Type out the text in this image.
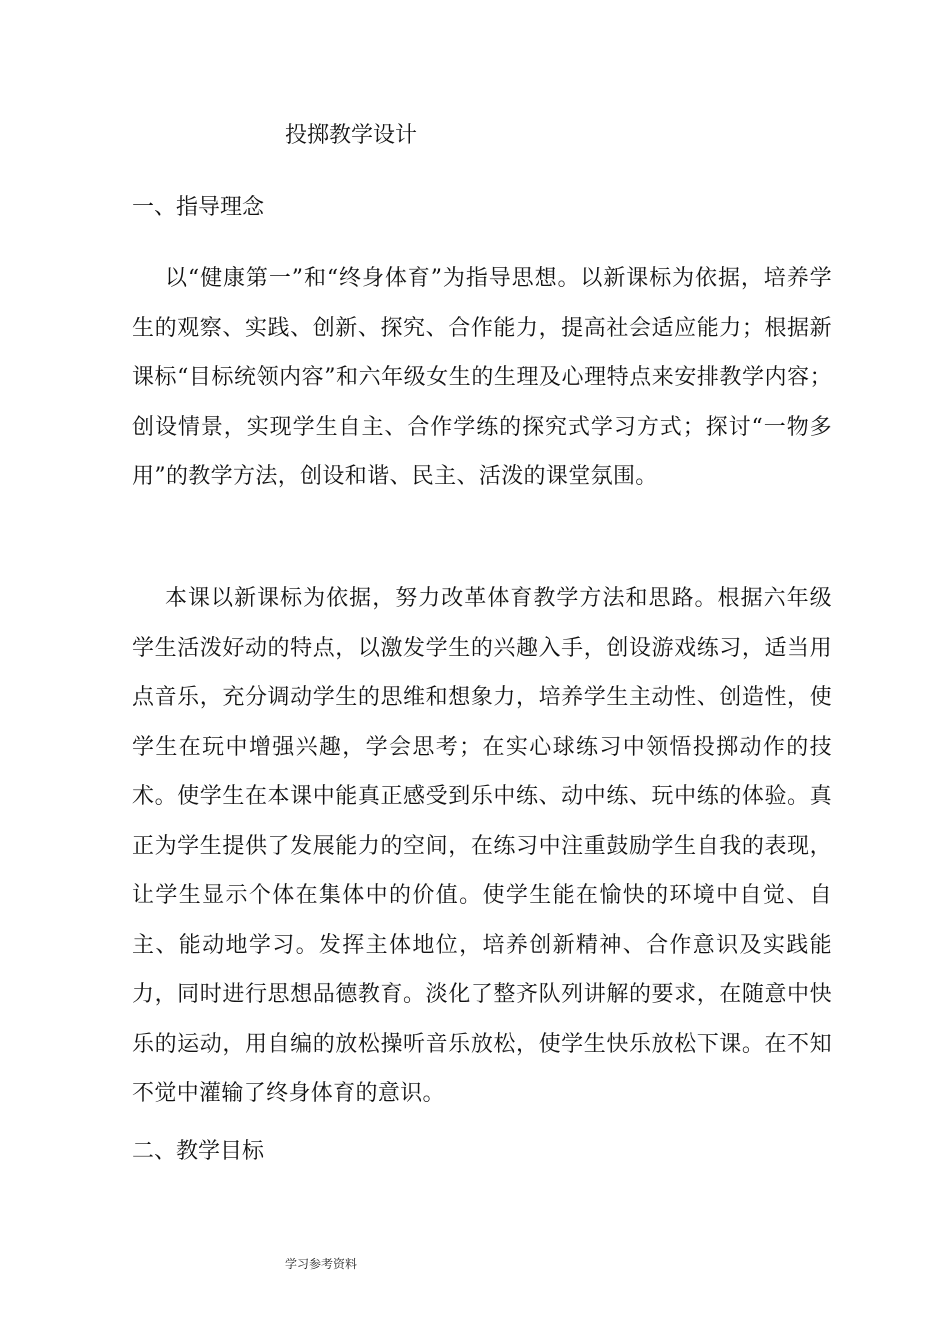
投掷教学设计
一、指导理念

以“健康第一”和“终身体育”为指导思想。以新课标为依据，培养学生的观察、实践、创新、探究、合作能力，提高社会适应能力；根据新课标“目标统领内容”和六年级女生的生理及心理特点来安排教学内容；创设情景，实现学生自主、合作学练的探究式学习方式；探讨“一物多用”的教学方法，创设和谐、民主、活泼的课堂氛围。

本课以新课标为依据，努力改革体育教学方法和思路。根据六年级学生活泼好动的特点，以激发学生的兴趣入手，创设游戏练习，适当用点音乐，充分调动学生的思维和想象力，培养学生主动性、创造性，使学生在玩中增强兴趣，学会思考；在实心球练习中领悟投掷动作的技术。使学生在本课中能真正感受到乐中练、动中练、玩中练的体验。真正为学生提供了发展能力的空间，在练习中注重鼓励学生自我的表现，让学生显示个体在集体中的价值。使学生能在愉快的环境中自觉、自主、能动地学习。发挥主体地位，培养创新精神、合作意识及实践能力，同时进行思想品德教育。淡化了整齐队列讲解的要求，在随意中快乐的运动，用自编的放松操听音乐放松，使学生快乐放松下课。在不知不觉中灌输了终身体育的意识。

二、教学目标
学习参考资料
